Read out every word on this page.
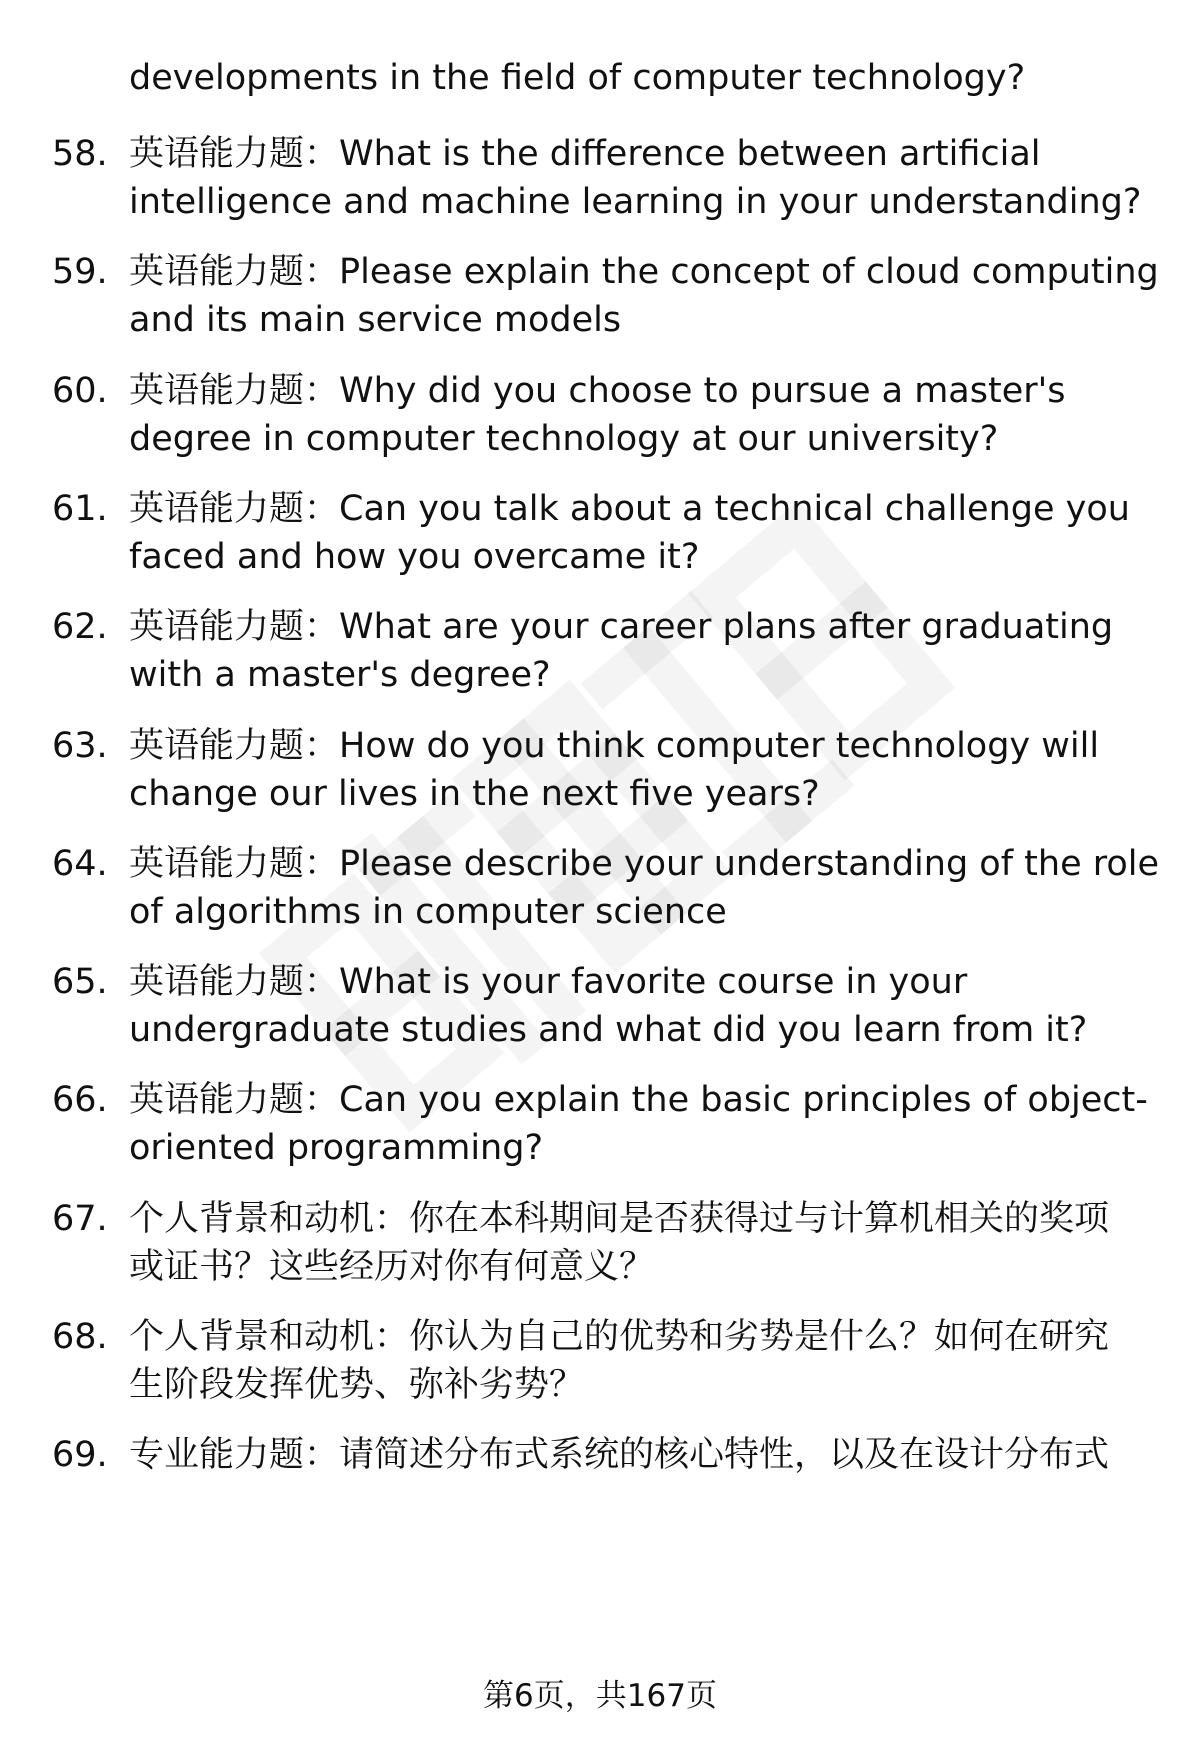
developments in the field of computer technology?
58. 英语能力题：What is the difference between artificial
intelligence and machine learning in your understanding?
59. 英语能力题：Please explain the concept of cloud computing
and its main service models
60. 英语能力题：Why did you choose to pursue a master's
degree in computer technology at our university?
61. 英语能力题：Can you talk about a technical challenge you
faced and how you overcame it?
62. 英语能力题：What are your career plans after graduating
with a master's degree?
63. 英语能力题：How do you think computer technology will
change our lives in the next five years?
64. 英语能力题：Please describe your understanding of the role
of algorithms in computer science
65. 英语能力题：What is your favorite course in your
undergraduate studies and what did you learn from it?
66. 英语能力题：Can you explain the basic principles of object-
oriented programming?
67. 个人背景和动机：你在本科期间是否获得过与计算机相关的奖项
或证书？这些经历对你有何意义？
68. 个人背景和动机：你认为自己的优势和劣势是什么？如何在研究
生阶段发挥优势、弥补劣势？
69. 专业能力题：请简述分布式系统的核心特性，以及在设计分布式
第6页，共167页
